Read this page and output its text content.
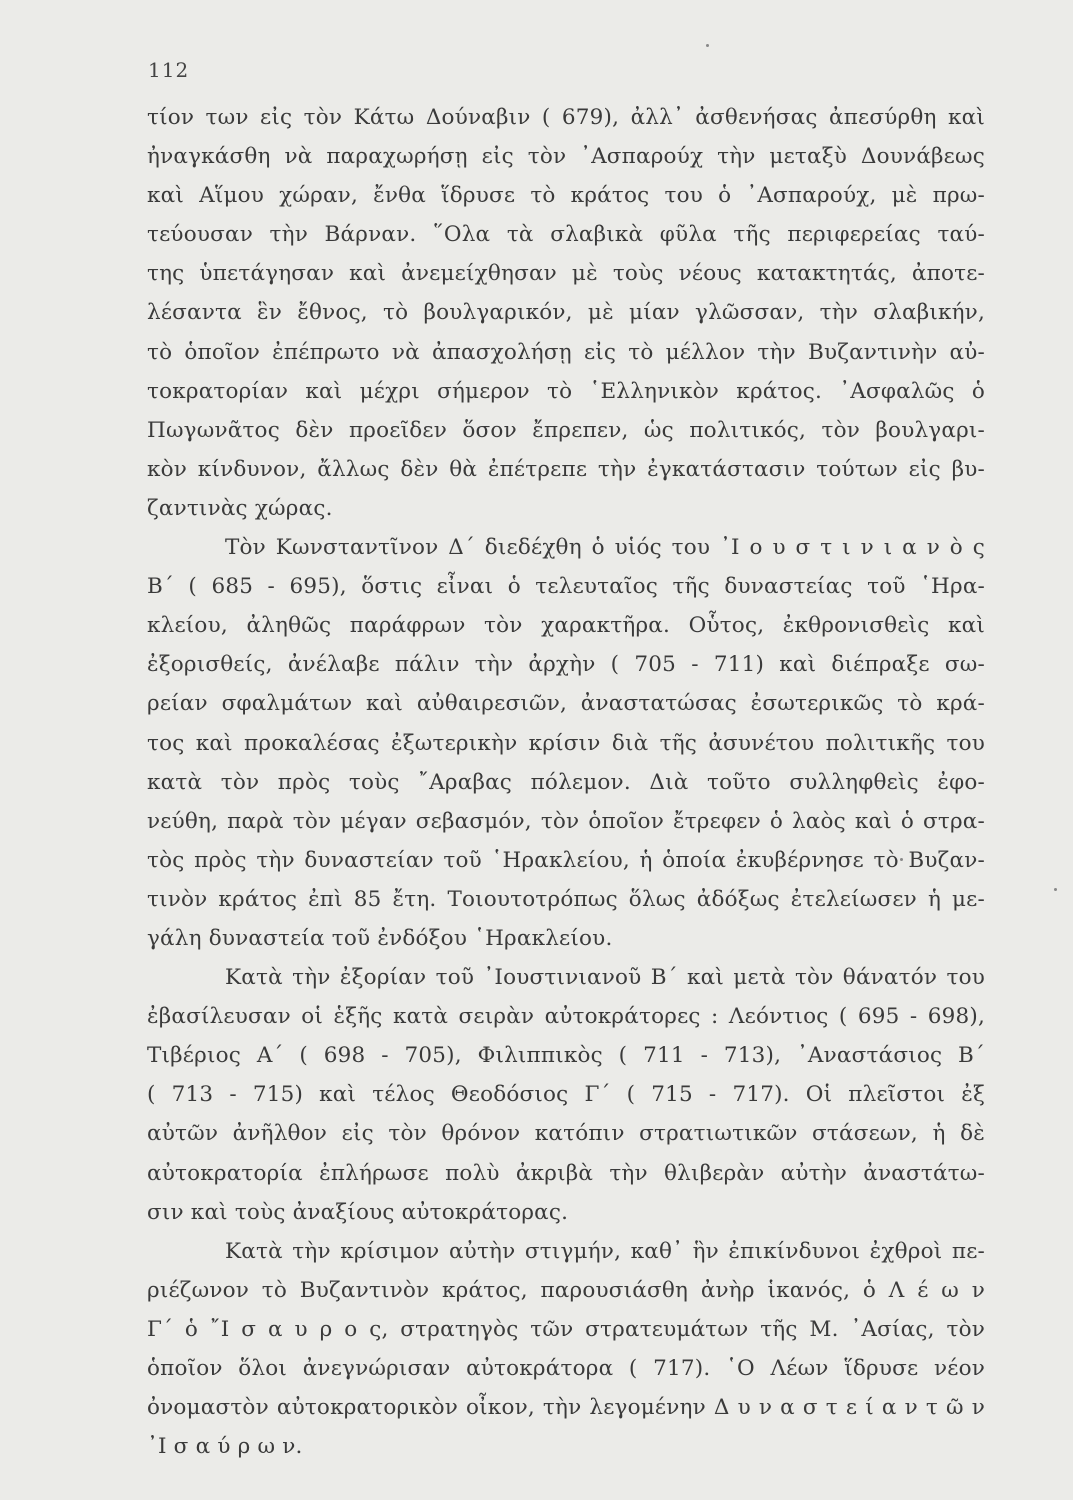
112
τίον των εἰς τὸν Κάτω Δούναβιν ( 679), ἀλλ᾽ ἀσθενήσας ἀπεσύρθη καὶ
ἠναγκάσθη νὰ παραχωρήσῃ εἰς τὸν ᾽Ασπαρούχ τὴν μεταξὺ Δουνάβεως
καὶ Αἵμου χώραν, ἔνθα ἵδρυσε τὸ κράτος του ὁ ᾽Ασπαρούχ, μὲ πρω-
τεύουσαν τὴν Βάρναν. ῞Ολα τὰ σλαβικὰ φῦλα τῆς περιφερείας ταύ-
της ὑπετάγησαν καὶ ἀνεμείχθησαν μὲ τοὺς νέους κατακτητάς, ἀποτε-
λέσαντα ἓν ἔθνος, τὸ βουλγαρικόν, μὲ μίαν γλῶσσαν, τὴν σλαβικήν,
τὸ ὁποῖον ἐπέπρωτο νὰ ἀπασχολήσῃ εἰς τὸ μέλλον τὴν Βυζαντινὴν αὐ-
τοκρατορίαν καὶ μέχρι σήμερον τὸ ῾Ελληνικὸν κράτος. ᾽Ασφαλῶς ὁ
Πωγωνᾶτος δὲν προεῖδεν ὅσον ἔπρεπεν, ὡς πολιτικός, τὸν βουλγαρι-
κὸν κίνδυνον, ἄλλως δὲν θὰ ἐπέτρεπε τὴν ἐγκατάστασιν τούτων εἰς βυ-
ζαντινὰς χώρας.
Τὸν Κωνσταντῖνον Δ΄ διεδέχθη ὁ υἱός του ᾽Ι ο υ σ τ ι ν ι α ν ὸ ς
Β΄ ( 685 - 695), ὅστις εἶναι ὁ τελευταῖος τῆς δυναστείας τοῦ ῾Ηρα-
κλείου, ἀληθῶς παράφρων τὸν χαρακτῆρα. Οὗτος, ἐκθρονισθεὶς καὶ
ἐξορισθείς, ἀνέλαβε πάλιν τὴν ἀρχὴν ( 705 - 711) καὶ διέπραξε σω-
ρείαν σφαλμάτων καὶ αὐθαιρεσιῶν, ἀναστατώσας ἐσωτερικῶς τὸ κρά-
τος καὶ προκαλέσας ἐξωτερικὴν κρίσιν διὰ τῆς ἀσυνέτου πολιτικῆς του
κατὰ τὸν πρὸς τοὺς ῎Αραβας πόλεμον. Διὰ τοῦτο συλληφθεὶς ἐφο-
νεύθη, παρὰ τὸν μέγαν σεβασμόν, τὸν ὁποῖον ἔτρεφεν ὁ λαὸς καὶ ὁ στρα-
τὸς πρὸς τὴν δυναστείαν τοῦ ῾Ηρακλείου, ἡ ὁποία ἐκυβέρνησε τὸ Βυζαν-
τινὸν κράτος ἐπὶ 85 ἔτη. Τοιουτοτρόπως ὅλως ἀδόξως ἐτελείωσεν ἡ με-
γάλη δυναστεία τοῦ ἐνδόξου ῾Ηρακλείου.
Κατὰ τὴν ἐξορίαν τοῦ ᾽Ιουστινιανοῦ Β΄ καὶ μετὰ τὸν θάνατόν του
ἐβασίλευσαν οἱ ἑξῆς κατὰ σειρὰν αὐτοκράτορες : Λεόντιος ( 695 - 698),
Τιβέριος Α΄ ( 698 - 705), Φιλιππικὸς ( 711 - 713), ᾽Αναστάσιος Β΄
( 713 - 715) καὶ τέλος Θεοδόσιος Γ΄ ( 715 - 717). Οἱ πλεῖστοι ἐξ
αὐτῶν ἀνῆλθον εἰς τὸν θρόνον κατόπιν στρατιωτικῶν στάσεων, ἡ δὲ
αὐτοκρατορία ἐπλήρωσε πολὺ ἀκριβὰ τὴν θλιβερὰν αὐτὴν ἀναστάτω-
σιν καὶ τοὺς ἀναξίους αὐτοκράτορας.
Κατὰ τὴν κρίσιμον αὐτὴν στιγμήν, καθ᾽ ἣν ἐπικίνδυνοι ἐχθροὶ πε-
ριέζωνον τὸ Βυζαντινὸν κράτος, παρουσιάσθη ἀνὴρ ἱκανός, ὁ Λ έ ω ν
Γ΄ ὁ ῎Ι σ α υ ρ ο ς, στρατηγὸς τῶν στρατευμάτων τῆς Μ. ᾽Ασίας, τὸν
ὁποῖον ὅλοι ἀνεγνώρισαν αὐτοκράτορα ( 717). ῾Ο Λέων ἵδρυσε νέον
ὀνομαστὸν αὐτοκρατορικὸν οἶκον, τὴν λεγομένην Δ υ ν α σ τ ε ί α ν τ ῶ ν
᾽Ι σ α ύ ρ ω ν.
